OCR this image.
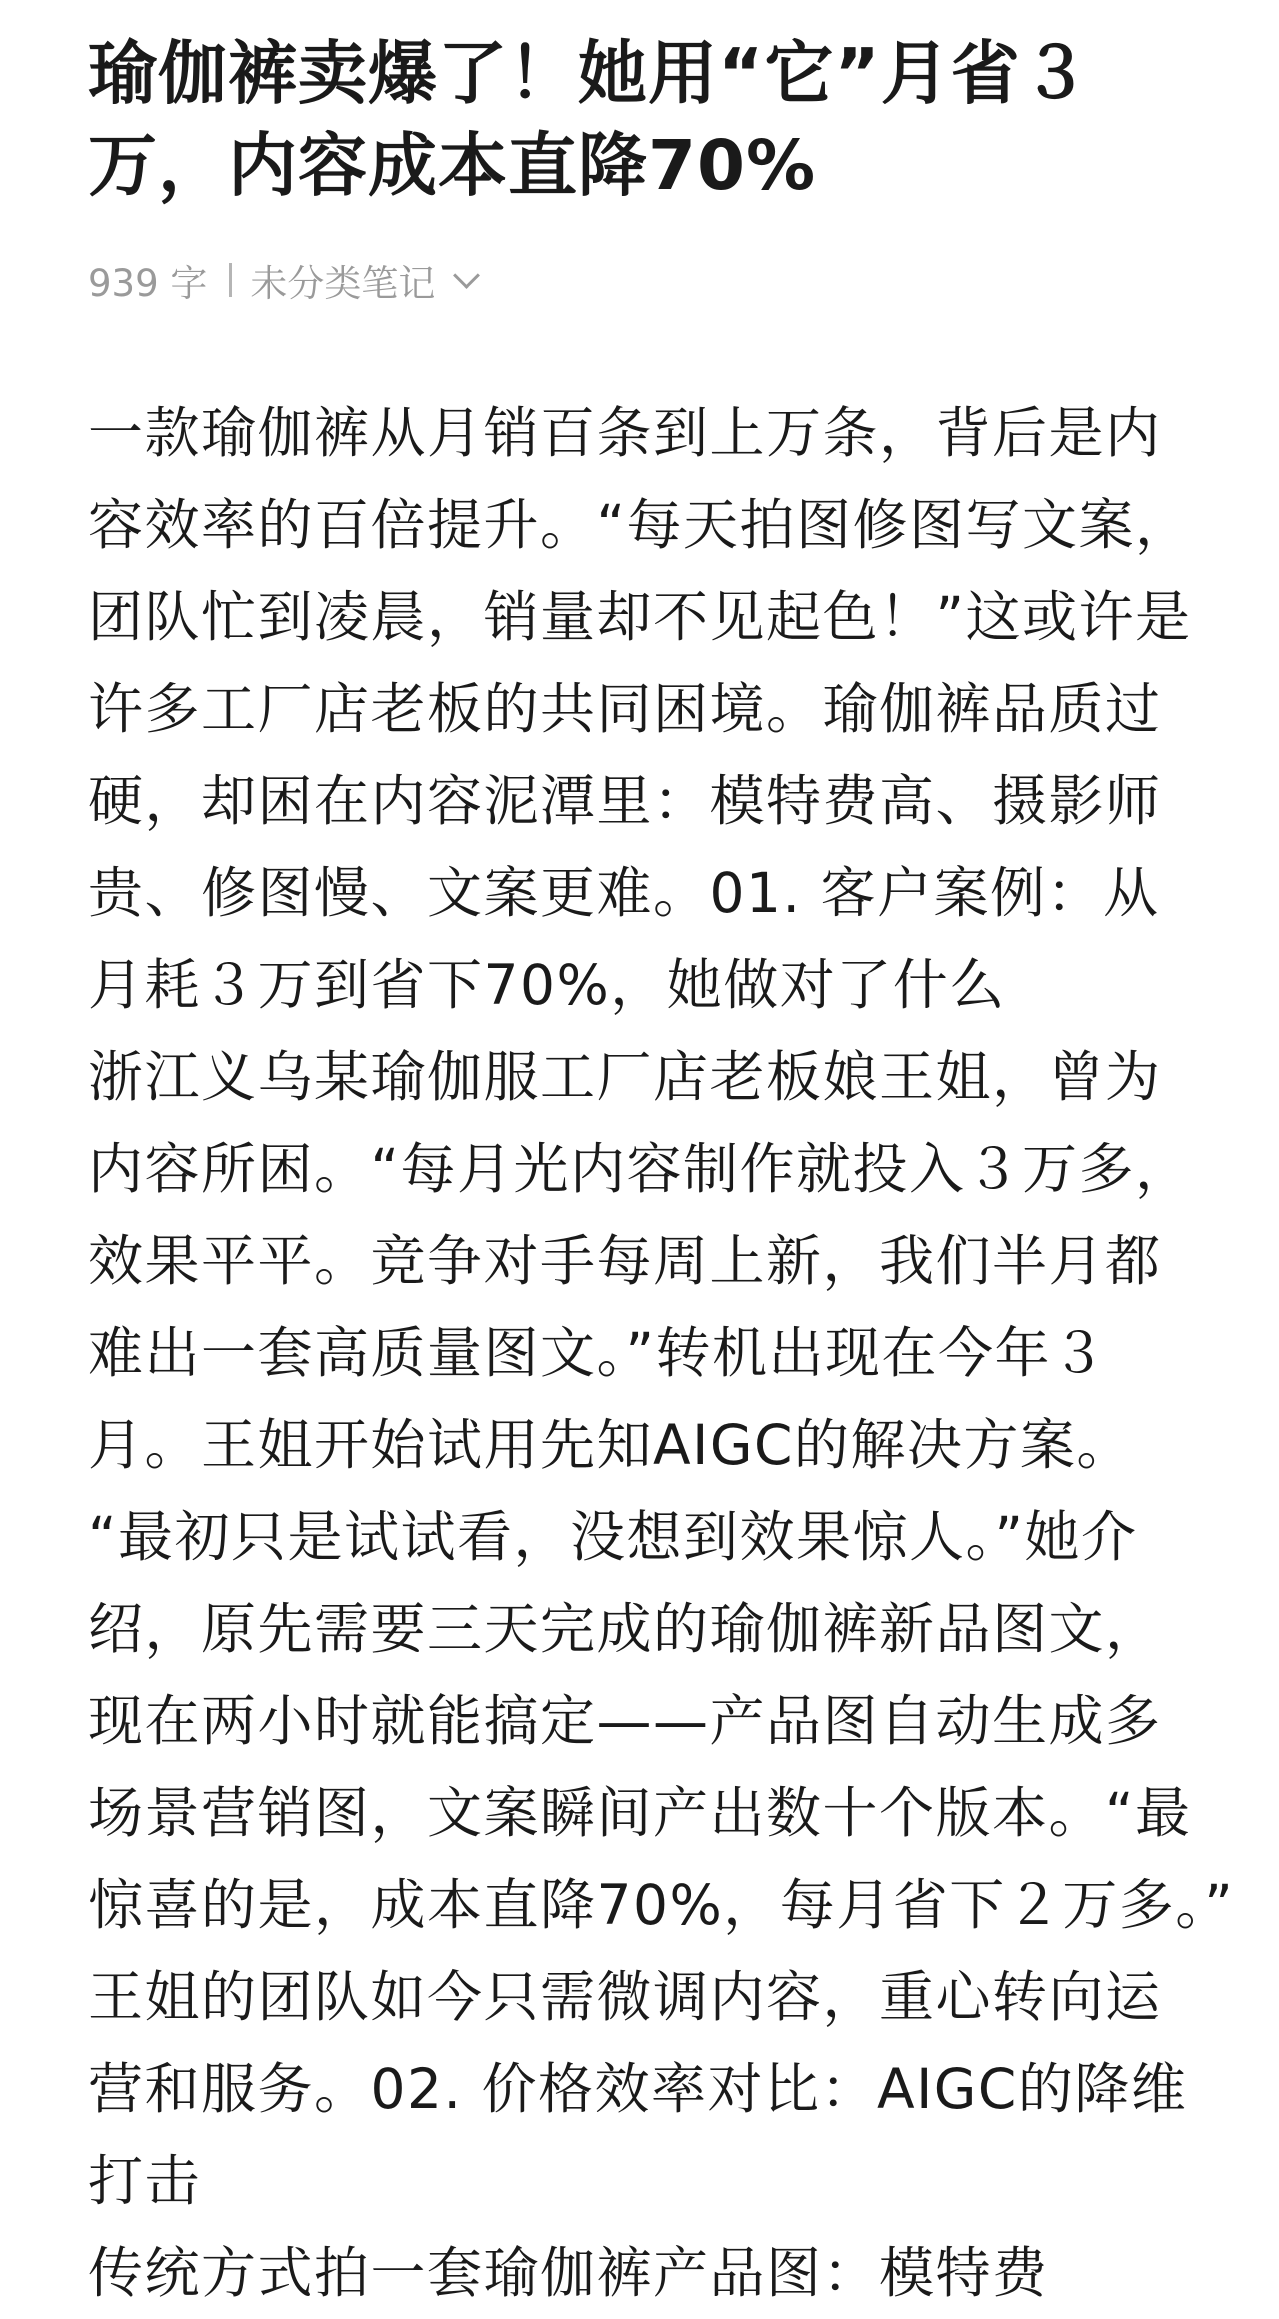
瑜伽裤卖爆了！她用“它”月省３
万，内容成本直降70%
939 字 未分类笔记
一款瑜伽裤从月销百条到上万条，背后是内
容效率的百倍提升。“每天拍图修图写文案，
团队忙到凌晨，销量却不见起色！”这或许是
许多工厂店老板的共同困境。瑜伽裤品质过
硬，却困在内容泥潭里：模特费高、摄影师
贵、修图慢、文案更难。01. 客户案例：从
月耗３万到省下70%，她做对了什么
浙江义乌某瑜伽服工厂店老板娘王姐，曾为
内容所困。“每月光内容制作就投入３万多，
效果平平。竞争对手每周上新，我们半月都
难出一套高质量图文。”转机出现在今年３
月。王姐开始试用先知AIGC的解决方案。
“最初只是试试看，没想到效果惊人。”她介
绍，原先需要三天完成的瑜伽裤新品图文，
现在两小时就能搞定——产品图自动生成多
场景营销图，文案瞬间产出数十个版本。“最
惊喜的是，成本直降70%，每月省下２万多。”
王姐的团队如今只需微调内容，重心转向运
营和服务。02. 价格效率对比：AIGC的降维
打击
传统方式拍一套瑜伽裤产品图：模特费
